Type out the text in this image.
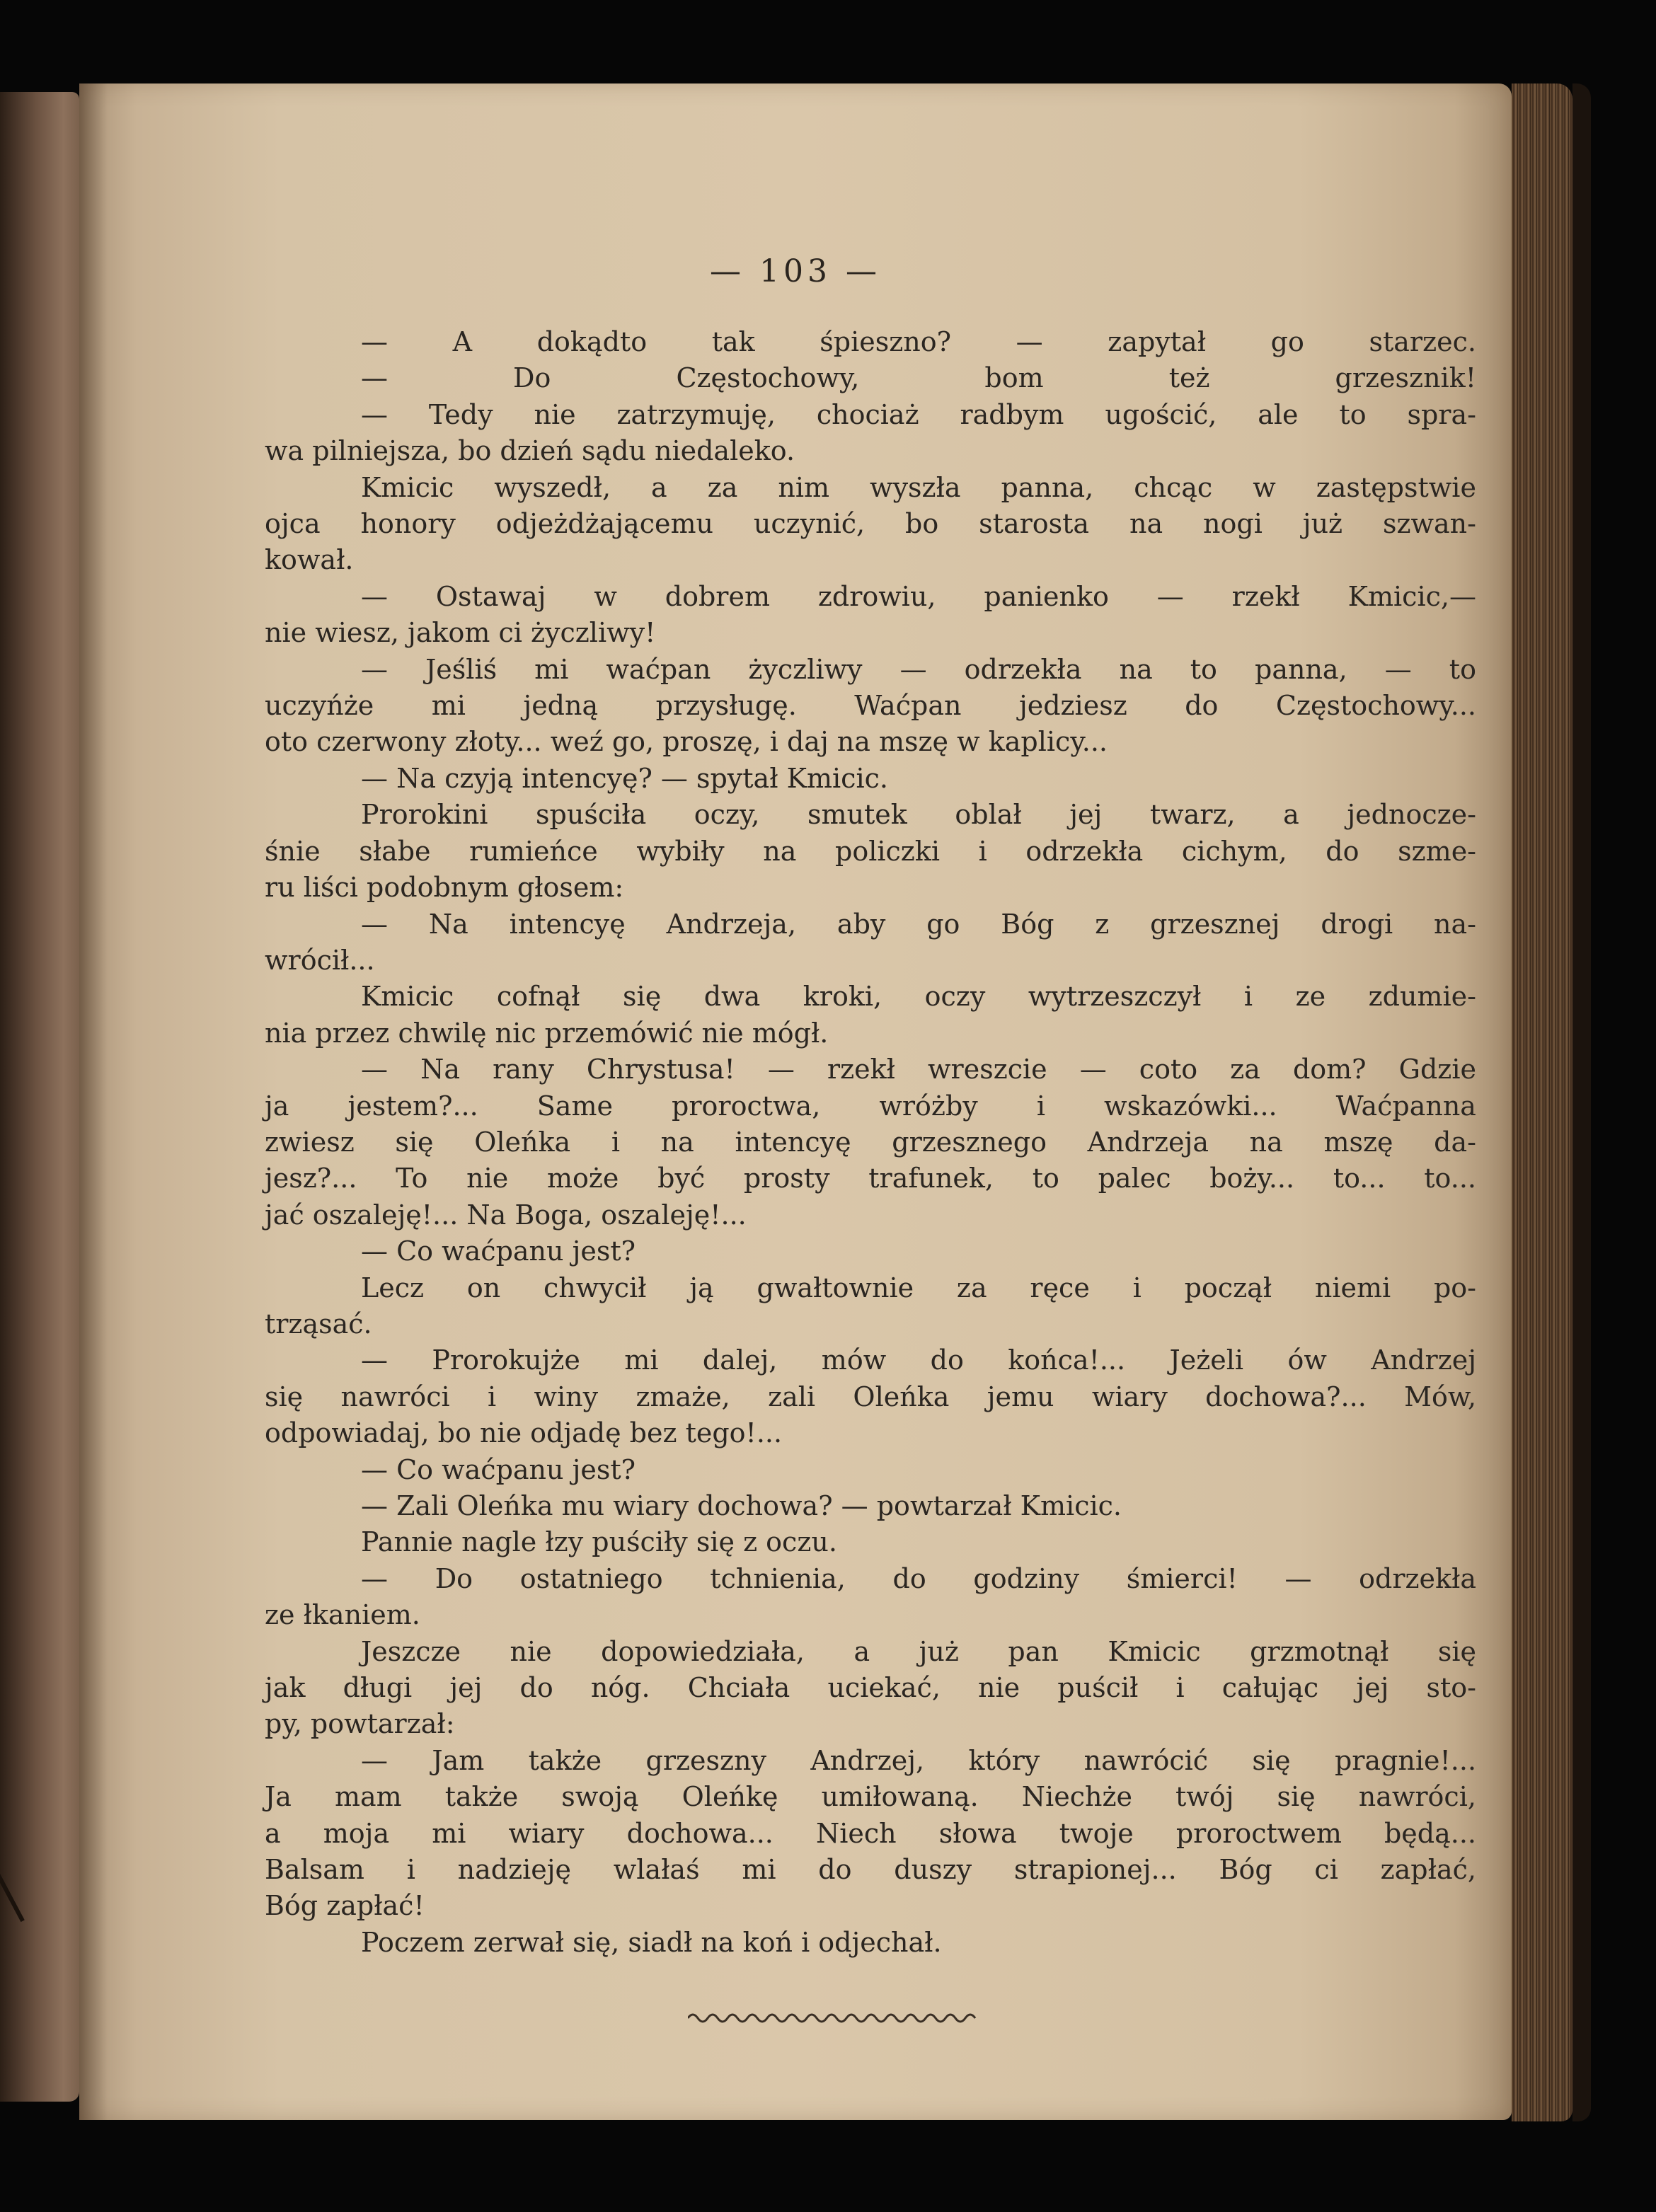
— 103 —

— A dokądto tak śpieszno? — zapytał go starzec.

— Do Częstochowy, bom też grzesznik!

— Tedy nie zatrzymuję, chociaż radbym ugościć, ale to spra-

wa pilniejsza, bo dzień sądu niedaleko.

Kmicic wyszedł, a za nim wyszła panna, chcąc w zastępstwie

ojca honory odjeżdżającemu uczynić, bo starosta na nogi już szwan-

kował.

— Ostawaj w dobrem zdrowiu, panienko — rzekł Kmicic,—

nie wiesz, jakom ci życzliwy!

— Jeśliś mi waćpan życzliwy — odrzekła na to panna, — to

uczyńże mi jedną przysługę. Waćpan jedziesz do Częstochowy...

oto czerwony złoty... weź go, proszę, i daj na mszę w kaplicy...

— Na czyją intencyę? — spytał Kmicic.

Prorokini spuściła oczy, smutek oblał jej twarz, a jednocze-

śnie słabe rumieńce wybiły na policzki i odrzekła cichym, do szme-

ru liści podobnym głosem:

— Na intencyę Andrzeja, aby go Bóg z grzesznej drogi na-

wrócił...

Kmicic cofnął się dwa kroki, oczy wytrzeszczył i ze zdumie-

nia przez chwilę nic przemówić nie mógł.

— Na rany Chrystusa! — rzekł wreszcie — coto za dom? Gdzie

ja jestem?... Same proroctwa, wróżby i wskazówki... Waćpanna

zwiesz się Oleńka i na intencyę grzesznego Andrzeja na mszę da-

jesz?... To nie może być prosty trafunek, to palec boży... to... to...

jać oszaleję!... Na Boga, oszaleję!...

— Co waćpanu jest?

Lecz on chwycił ją gwałtownie za ręce i począł niemi po-

trząsać.

— Prorokujże mi dalej, mów do końca!... Jeżeli ów Andrzej

się nawróci i winy zmaże, zali Oleńka jemu wiary dochowa?... Mów,

odpowiadaj, bo nie odjadę bez tego!...

— Co waćpanu jest?

— Zali Oleńka mu wiary dochowa? — powtarzał Kmicic.

Pannie nagle łzy puściły się z oczu.

— Do ostatniego tchnienia, do godziny śmierci! — odrzekła

ze łkaniem.

Jeszcze nie dopowiedziała, a już pan Kmicic grzmotnął się

jak długi jej do nóg. Chciała uciekać, nie puścił i całując jej sto-

py, powtarzał:

— Jam także grzeszny Andrzej, który nawrócić się pragnie!...

Ja mam także swoją Oleńkę umiłowaną. Niechże twój się nawróci,

a moja mi wiary dochowa... Niech słowa twoje proroctwem będą...

Balsam i nadzieję wlałaś mi do duszy strapionej... Bóg ci zapłać,

Bóg zapłać!

Poczem zerwał się, siadł na koń i odjechał.
